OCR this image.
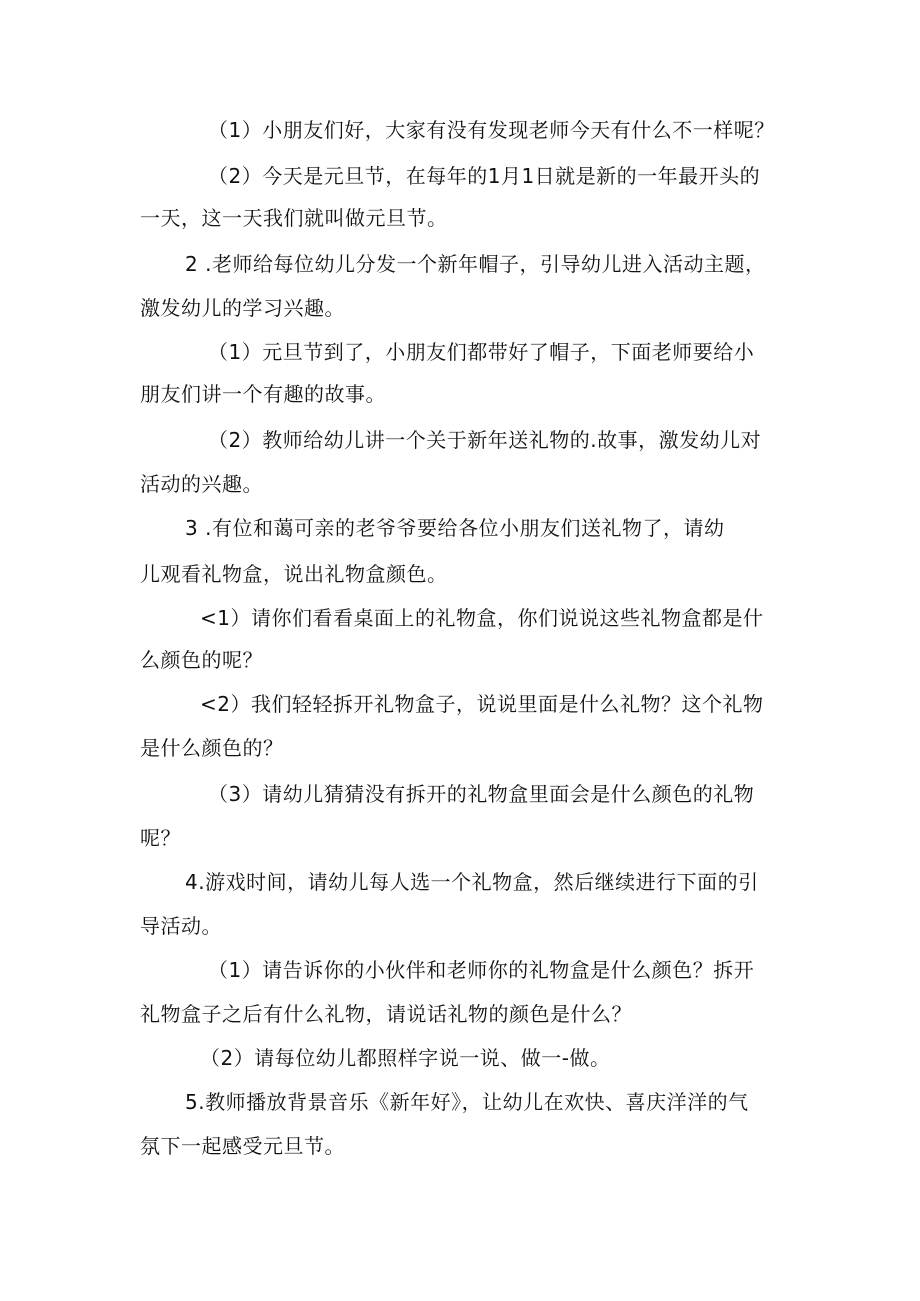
（1）小朋友们好，大家有没有发现老师今天有什么不一样呢？
（2）今天是元旦节，在每年的1月1日就是新的一年最开头的
一天，这一天我们就叫做元旦节。
2 .老师给每位幼儿分发一个新年帽子，引导幼儿进入活动主题，
激发幼儿的学习兴趣。
（1）元旦节到了，小朋友们都带好了帽子，下面老师要给小
朋友们讲一个有趣的故事。
（2）教师给幼儿讲一个关于新年送礼物的.故事，激发幼儿对
活动的兴趣。
3 .有位和蔼可亲的老爷爷要给各位小朋友们送礼物了，请幼
儿观看礼物盒，说出礼物盒颜色。
<1）请你们看看桌面上的礼物盒，你们说说这些礼物盒都是什
么颜色的呢？
<2）我们轻轻拆开礼物盒子，说说里面是什么礼物？这个礼物
是什么颜色的？
（3）请幼儿猜猜没有拆开的礼物盒里面会是什么颜色的礼物
呢？
4.游戏时间，请幼儿每人选一个礼物盒，然后继续进行下面的引
导活动。
（1）请告诉你的小伙伴和老师你的礼物盒是什么颜色？拆开
礼物盒子之后有什么礼物，请说话礼物的颜色是什么？
（2）请每位幼儿都照样字说一说、做一-做。
5.教师播放背景音乐《新年好》，让幼儿在欢快、喜庆洋洋的气
氛下一起感受元旦节。
